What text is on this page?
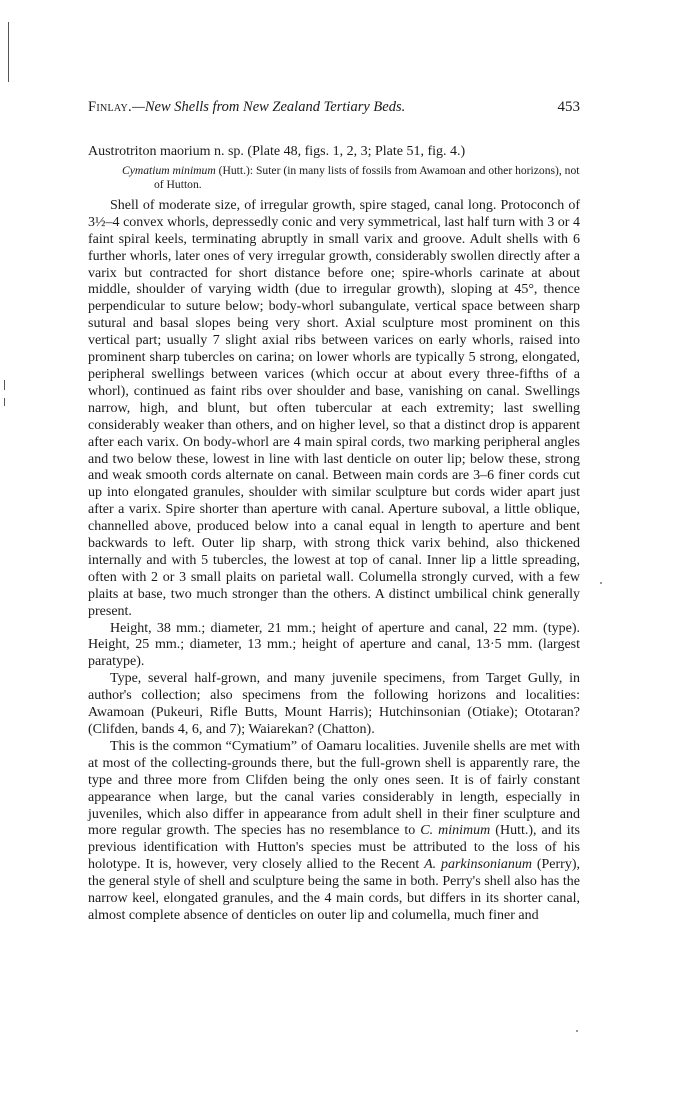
Finlay.—New Shells from New Zealand Tertiary Beds.	453

Austrotriton maorium n. sp. (Plate 48, figs. 1, 2, 3; Plate 51, fig. 4.)

Cymatium minimum (Hutt.): Suter (in many lists of fossils from Awamoan and other horizons), not of Hutton.

Shell of moderate size, of irregular growth, spire staged, canal long. Protoconch of 3½–4 convex whorls, depressedly conic and very symmetrical, last half turn with 3 or 4 faint spiral keels, terminating abruptly in small varix and groove. Adult shells with 6 further whorls, later ones of very irregular growth, considerably swollen directly after a varix but contracted for short distance before one; spire-whorls carinate at about middle, shoulder of varying width (due to irregular growth), sloping at 45°, thence perpendicular to suture below; body-whorl subangulate, vertical space between sharp sutural and basal slopes being very short. Axial sculpture most prominent on this vertical part; usually 7 slight axial ribs between varices on early whorls, raised into prominent sharp tubercles on carina; on lower whorls are typically 5 strong, elongated, peripheral swellings between varices (which occur at about every three-fifths of a whorl), continued as faint ribs over shoulder and base, vanishing on canal. Swellings narrow, high, and blunt, but often tubercular at each extremity; last swelling considerably weaker than others, and on higher level, so that a distinct drop is apparent after each varix. On body-whorl are 4 main spiral cords, two marking peripheral angles and two below these, lowest in line with last denticle on outer lip; below these, strong and weak smooth cords alternate on canal. Between main cords are 3–6 finer cords cut up into elongated granules, shoulder with similar sculpture but cords wider apart just after a varix. Spire shorter than aperture with canal. Aperture suboval, a little oblique, channelled above, produced below into a canal equal in length to aperture and bent backwards to left. Outer lip sharp, with strong thick varix behind, also thickened internally and with 5 tubercles, the lowest at top of canal. Inner lip a little spreading, often with 2 or 3 small plaits on parietal wall. Columella strongly curved, with a few plaits at base, two much stronger than the others. A distinct umbilical chink generally present.

Height, 38 mm.; diameter, 21 mm.; height of aperture and canal, 22 mm. (type). Height, 25 mm.; diameter, 13 mm.; height of aperture and canal, 13·5 mm. (largest paratype).

Type, several half-grown, and many juvenile specimens, from Target Gully, in author's collection; also specimens from the following horizons and localities: Awamoan (Pukeuri, Rifle Butts, Mount Harris); Hutchinsonian (Otiake); Ototaran? (Clifden, bands 4, 6, and 7); Waiarekan? (Chatton).

This is the common “Cymatium” of Oamaru localities. Juvenile shells are met with at most of the collecting-grounds there, but the full-grown shell is apparently rare, the type and three more from Clifden being the only ones seen. It is of fairly constant appearance when large, but the canal varies considerably in length, especially in juveniles, which also differ in appearance from adult shell in their finer sculpture and more regular growth. The species has no resemblance to C. minimum (Hutt.), and its previous identification with Hutton's species must be attributed to the loss of his holotype. It is, however, very closely allied to the Recent A. parkinsonianum (Perry), the general style of shell and sculpture being the same in both. Perry's shell also has the narrow keel, elongated granules, and the 4 main cords, but differs in its shorter canal, almost complete absence of denticles on outer lip and columella, much finer and
